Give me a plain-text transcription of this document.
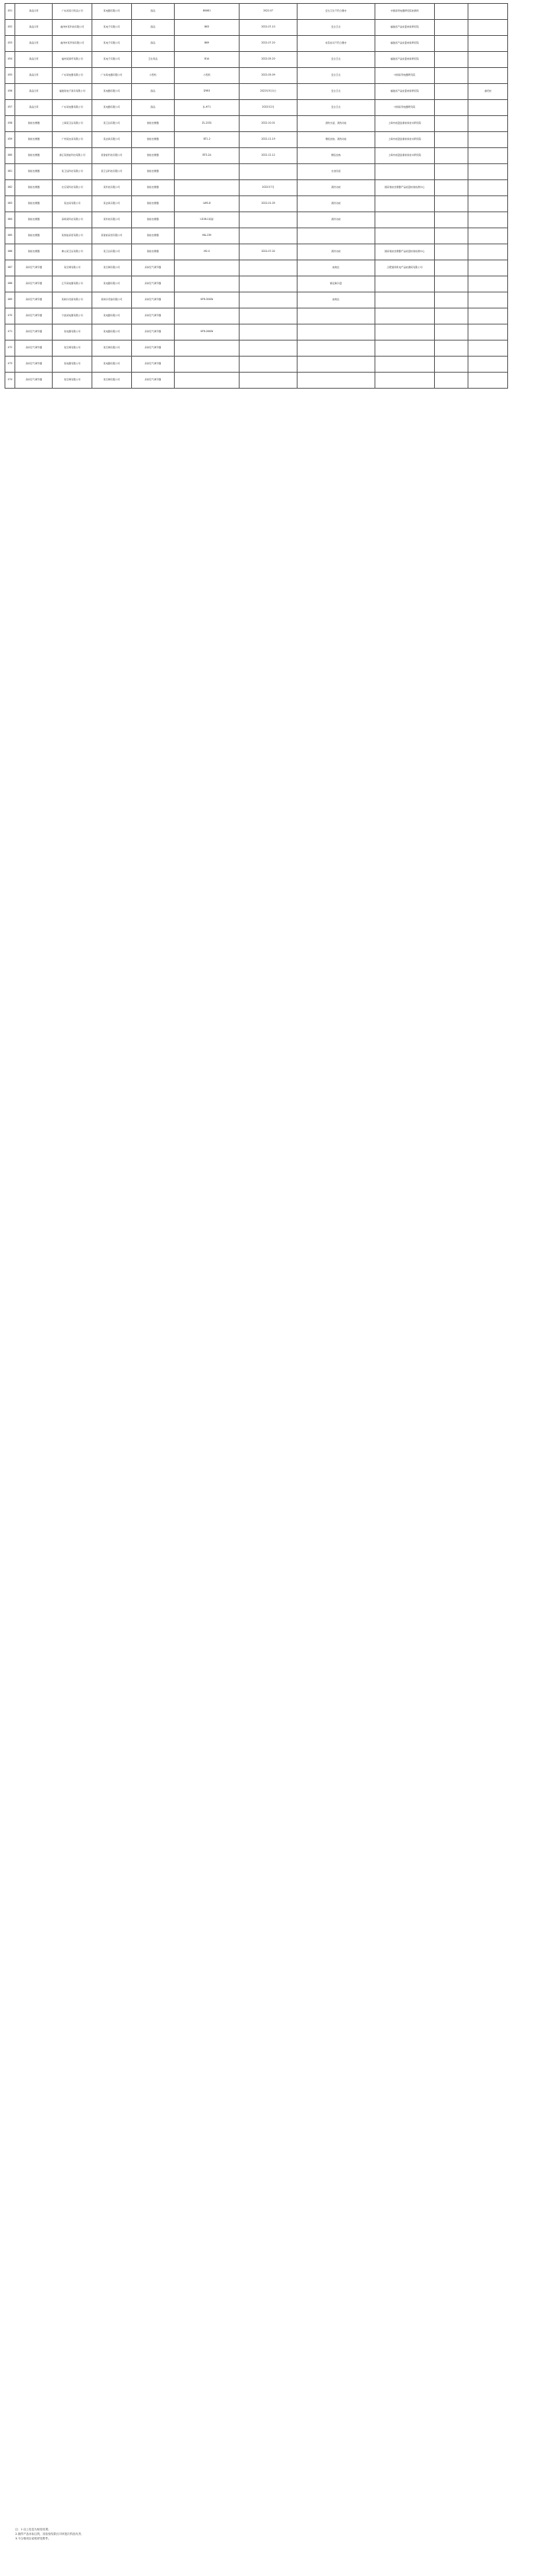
451	商品日用	广东省某日用品公司	某电器有限公司	商品	B0661	2022-07	安全卫生不符合要求	中国家用电器研究院检测所		
452	商品日用	福州市某科技有限公司	某电子有限公司	商品	B63	2022-07-10	安全卫生	福建省产品质量检验研究院		
453	商品日用	福州市某贸易有限公司	某电子有限公司	商品	B69	2022-07-20	标签标识不符合要求	福建省产品质量检验研究院		
454	商品日用	福州某商贸有限公司	某电子有限公司	卫生用品	B1A	2022-05-20	安全卫生	福建省产品质量检验研究院		
455	商品日用	广东某电器有限公司	广东某电器有限公司	小型机	小型机	2022-05-09	安全卫生	中国家用电器研究院		
456	商品日用	福建某电子商务有限公司	某电器有限公司	商品	DYR3	2022年5月1日	安全卫生	福建省产品质量检验研究院		委托检
457	商品日用	广东某电器有限公司	某电器有限公司	商品	JL-H71	2022年2月	安全卫生	中国家用电器研究院		
458	智能坐便器	上海某卫浴有限公司	某卫浴有限公司	智能坐便器	ZL-2031	2022-10-01	清洗水温、清洗功能	上海市质量监督检验技术研究院		
459	智能坐便器	广州某洁具有限公司	某洁具有限公司	智能坐便器	BT1-2	2022-11-19	便座加热、清洗功能	上海市质量监督检验技术研究院		
460	智能坐便器	浙江某智能科技有限公司	某智能科技有限公司	智能坐便器	BT3-2A	2022-12-12	便座加热	上海市质量监督检验技术研究院		
461	智能坐便器	某卫浴科技有限公司	某卫浴科技有限公司	智能坐便器			水封回流			
462	智能坐便器	北京某科技有限公司	某科技有限公司	智能坐便器		2022年7月	清洗功能	国家智能坐便器产品质量检验检测中心		
463	智能坐便器	某洁具有限公司	某洁具有限公司	智能坐便器	LWS-8	2022-01-05	清洗功能			
464	智能坐便器	深圳某科技有限公司	某科技有限公司	智能坐便器	U106-1鸿星		清洗功能			
465	智能坐便器	某智能家居有限公司	某智能家居有限公司	智能坐便器	MA-239					
466	智能坐便器	佛山某卫浴有限公司	某卫浴有限公司	智能坐便器	M2-0	2022-07-02	清洗功能	国家智能坐便器产品质量检验检测中心		
467	房间空气调节器	某空调有限公司	某空调有限公司	房间空气调节器			能效比	合肥通用机电产品检测院有限公司		
468	房间空气调节器	江苏某电器有限公司	某电器有限公司	房间空气调节器			额定制冷量			
469	房间空气调节器	某制冷设备有限公司	某制冷设备有限公司	房间空气调节器	KFR-35GW		能效比			
470	房间空气调节器	宁波某电器有限公司	某电器有限公司	房间空气调节器						
471	房间空气调节器	某电器有限公司	某电器有限公司	房间空气调节器	KFR-26GW					
472	房间空气调节器	某空调有限公司	某空调有限公司	房间空气调节器						
473	房间空气调节器	某电器有限公司	某电器有限公司	房间空气调节器						
474	房间空气调节器	某空调有限公司	某空调有限公司	房间空气调节器						
注：1.以上信息为检验结果；
2.抽样产品未标注的，其检验结果仅对该批次样品负责；
3.不合格项目说明详见附件。
